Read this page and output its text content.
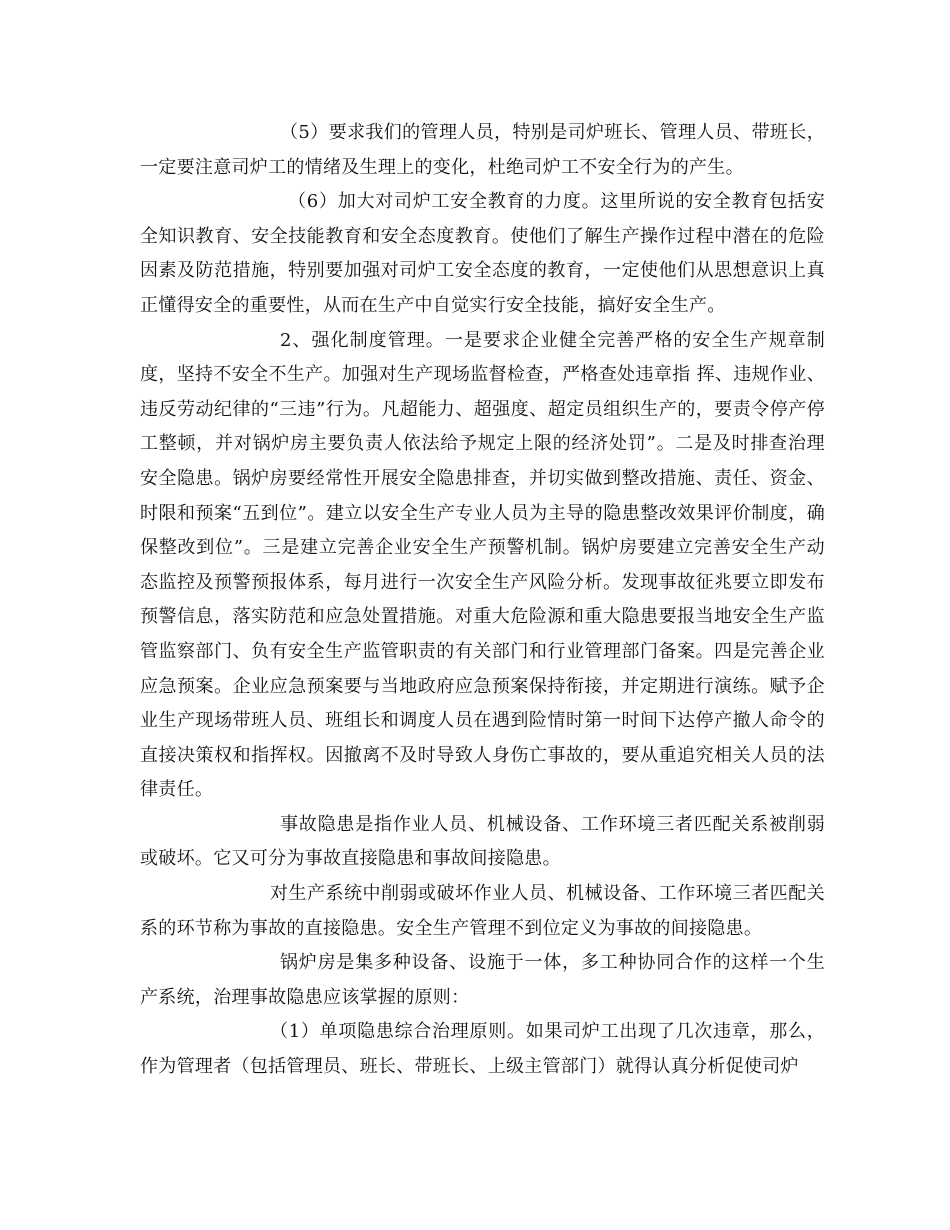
（5）要求我们的管理人员，特别是司炉班长、管理人员、带班长，一定要注意司炉工的情绪及生理上的变化，杜绝司炉工不安全行为的产生。

（6）加大对司炉工安全教育的力度。这里所说的安全教育包括安全知识教育、安全技能教育和安全态度教育。使他们了解生产操作过程中潜在的危险因素及防范措施，特别要加强对司炉工安全态度的教育，一定使他们从思想意识上真正懂得安全的重要性，从而在生产中自觉实行安全技能，搞好安全生产。

2、强化制度管理。一是要求企业健全完善严格的安全生产规章制度，坚持不安全不生产。加强对生产现场监督检查，严格查处违章指 挥、违规作业、违反劳动纪律的“三违”行为。凡超能力、超强度、超定员组织生产的，要责令停产停工整顿，并对锅炉房主要负责人依法给予规定上限的经济处罚”。二是及时排查治理安全隐患。锅炉房要经常性开展安全隐患排查，并切实做到整改措施、责任、资金、时限和预案“五到位”。建立以安全生产专业人员为主导的隐患整改效果评价制度，确保整改到位”。三是建立完善企业安全生产预警机制。锅炉房要建立完善安全生产动态监控及预警预报体系，每月进行一次安全生产风险分析。发现事故征兆要立即发布预警信息，落实防范和应急处置措施。对重大危险源和重大隐患要报当地安全生产监管监察部门、负有安全生产监管职责的有关部门和行业管理部门备案。四是完善企业应急预案。企业应急预案要与当地政府应急预案保持衔接，并定期进行演练。赋予企业生产现场带班人员、班组长和调度人员在遇到险情时第一时间下达停产撤人命令的直接决策权和指挥权。因撤离不及时导致人身伤亡事故的，要从重追究相关人员的法律责任。

事故隐患是指作业人员、机械设备、工作环境三者匹配关系被削弱或破坏。它又可分为事故直接隐患和事故间接隐患。

对生产系统中削弱或破坏作业人员、机械设备、工作环境三者匹配关系的环节称为事故的直接隐患。安全生产管理不到位定义为事故的间接隐患。

锅炉房是集多种设备、设施于一体，多工种协同合作的这样一个生产系统，治理事故隐患应该掌握的原则：

（1）单项隐患综合治理原则。如果司炉工出现了几次违章，那么，作为管理者（包括管理员、班长、带班长、上级主管部门）就得认真分析促使司炉
